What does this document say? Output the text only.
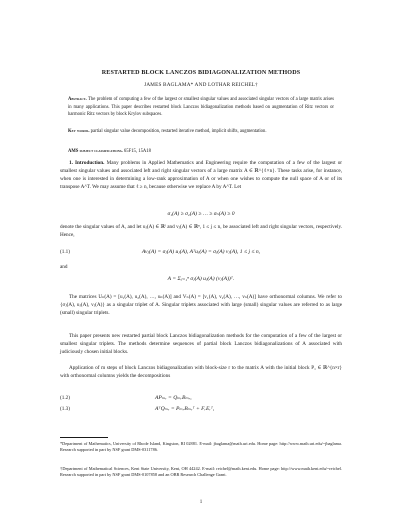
RESTARTED BLOCK LANCZOS BIDIAGONALIZATION METHODS
JAMES BAGLAMA* AND LOTHAR REICHEL†
Abstract. The problem of computing a few of the largest or smallest singular values and associated singular vectors of a large matrix arises in many applications. This paper describes restarted block Lanczos bidiagonalization methods based on augmentation of Ritz vectors or harmonic Ritz vectors by block Krylov subspaces.
Key words. partial singular value decomposition, restarted iterative method, implicit shifts, augmentation.
AMS subject classifications. 65F15, 15A18
1. Introduction. Many problems in Applied Mathematics and Engineering require the computation of a few of the largest or smallest singular values and associated left and right singular vectors of a large matrix A ∈ ℝ^{ℓ×n}. These tasks arise, for instance, when one is interested in determining a low-rank approximation of A or when one wishes to compute the null space of A or of its transpose A^T. We may assume that ℓ ≥ n, because otherwise we replace A by A^T. Let
σ₁(A) ≥ σ₂(A) ≥ … ≥ σₙ(A) ≥ 0
denote the singular values of A, and let uⱼ(A) ∈ ℝˡ and vⱼ(A) ∈ ℝⁿ, 1 ≤ j ≤ n, be associated left and right singular vectors, respectively. Hence,
(1.1)	Avⱼ(A) = σⱼ(A) uⱼ(A), Aᵀuⱼ(A) = σⱼ(A) vⱼ(A), 1 ≤ j ≤ n,
and
A = Σⱼ₌₁ⁿ σⱼ(A) uⱼ(A) (vⱼ(A))ᵀ.
The matrices Uₙ(A) = [u₁(A), u₂(A), …, uₙ(A)] and Vₙ(A) = [v₁(A), v₂(A), …, vₙ(A)] have orthonormal columns. We refer to {σⱼ(A), uⱼ(A), vⱼ(A)} as a singular triplet of A. Singular triplets associated with large (small) singular values are referred to as large (small) singular triplets.
This paper presents new restarted partial block Lanczos bidiagonalization methods for the computation of a few of the largest or smallest singular triplets. The methods determine sequences of partial block Lanczos bidiagonalizations of A associated with judiciously chosen initial blocks.
Application of m steps of block Lanczos bidiagonalization with block-size r to the matrix A with the initial block P₁ ∈ ℝ^{n×r} with orthonormal columns yields the decompositions
(1.2)	APₘᵣ = QₘᵣBₘᵣ,
(1.3)	AᵀQₘᵣ = PₘᵣBₘᵣᵀ + FᵣEᵣᵀ,
*Department of Mathematics, University of Rhode Island, Kingston, RI 02881. E-mail: jbaglama@math.uri.edu. Home page: http://www.math.uri.edu/~jbaglama. Research supported in part by NSF grant DMS-0311786.
†Department of Mathematical Sciences, Kent State University, Kent, OH 44242. E-mail: reichel@math.kent.edu. Home page: http://www.math.kent.edu/~reichel. Research supported in part by NSF grant DMS-0107858 and an OBR Research Challenge Grant.
1
